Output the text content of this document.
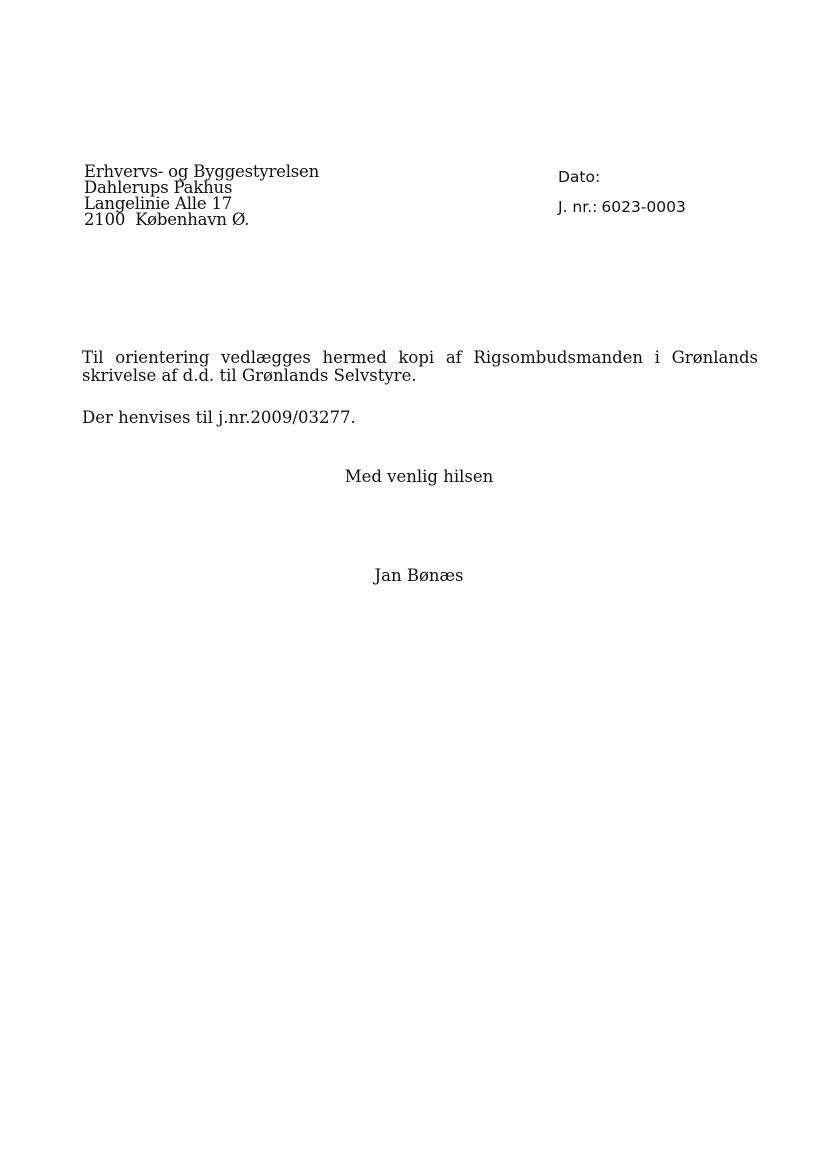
Erhvervs- og Byggestyrelsen
Dahlerups Pakhus
Langelinie Alle 17
2100  København Ø.
Dato:
J. nr.: 6023-0003

Til orientering vedlægges hermed kopi af Rigsombudsmanden i Grønlands
skrivelse af d.d. til Grønlands Selvstyre.

Der henvises til j.nr.2009/03277.

Med venlig hilsen
Jan Bønæs
